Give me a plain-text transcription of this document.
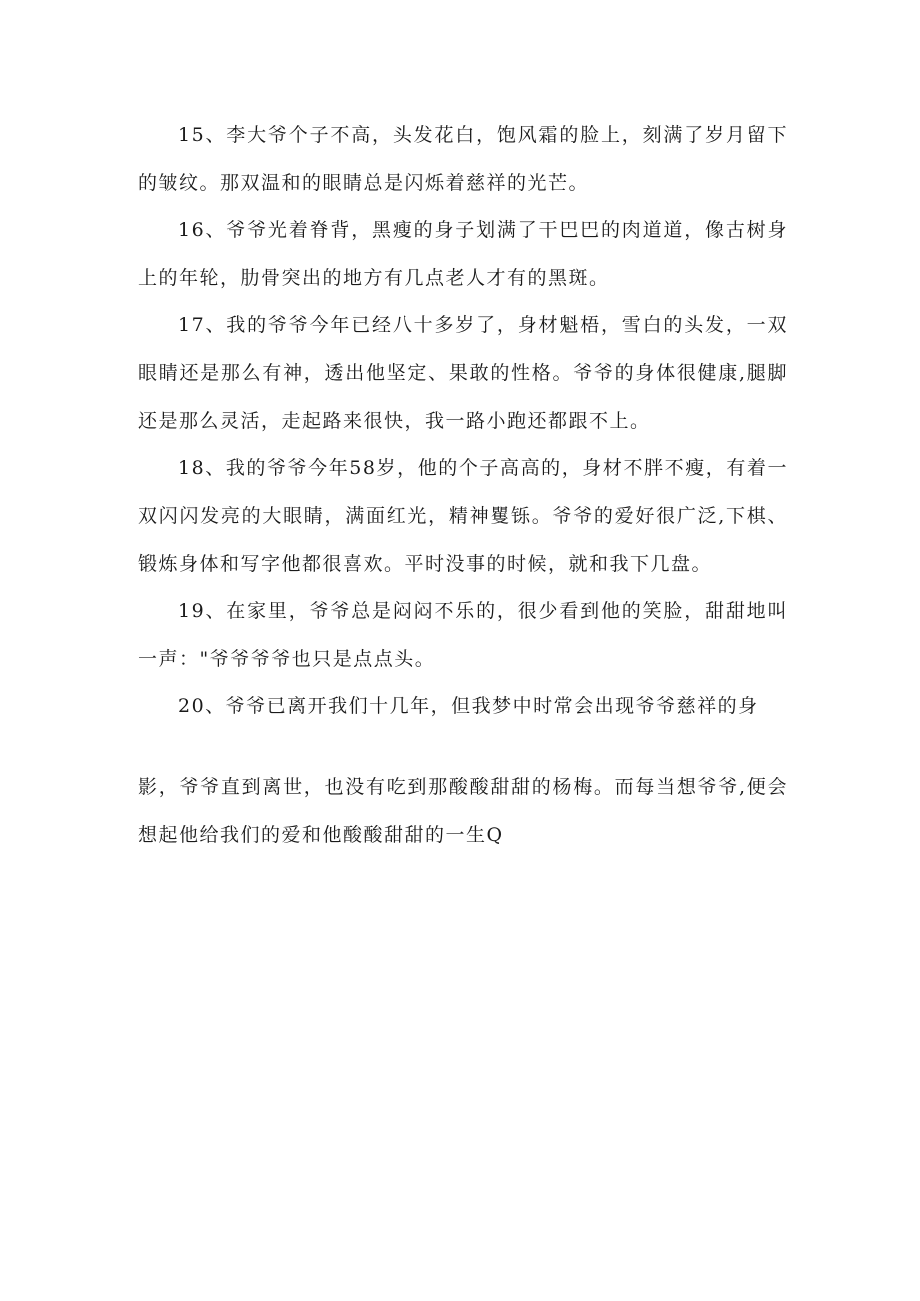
15、李大爷个子不高，头发花白，饱风霜的脸上，刻满了岁月留下的皱纹。那双温和的眼睛总是闪烁着慈祥的光芒。

16、爷爷光着脊背，黑瘦的身子划满了干巴巴的肉道道，像古树身上的年轮，肋骨突出的地方有几点老人才有的黑斑。

17、我的爷爷今年已经八十多岁了，身材魁梧，雪白的头发，一双眼睛还是那么有神，透出他坚定、果敢的性格。爷爷的身体很健康,腿脚还是那么灵活，走起路来很快，我一路小跑还都跟不上。

18、我的爷爷今年58岁，他的个子高高的，身材不胖不瘦，有着一双闪闪发亮的大眼睛，满面红光，精神矍铄。爷爷的爱好很广泛,下棋、锻炼身体和写字他都很喜欢。平时没事的时候，就和我下几盘。

19、在家里，爷爷总是闷闷不乐的，很少看到他的笑脸，甜甜地叫一声："爷爷爷爷也只是点点头。

20、爷爷已离开我们十几年，但我梦中时常会出现爷爷慈祥的身

影，爷爷直到离世，也没有吃到那酸酸甜甜的杨梅。而每当想爷爷,便会想起他给我们的爱和他酸酸甜甜的一生Q
